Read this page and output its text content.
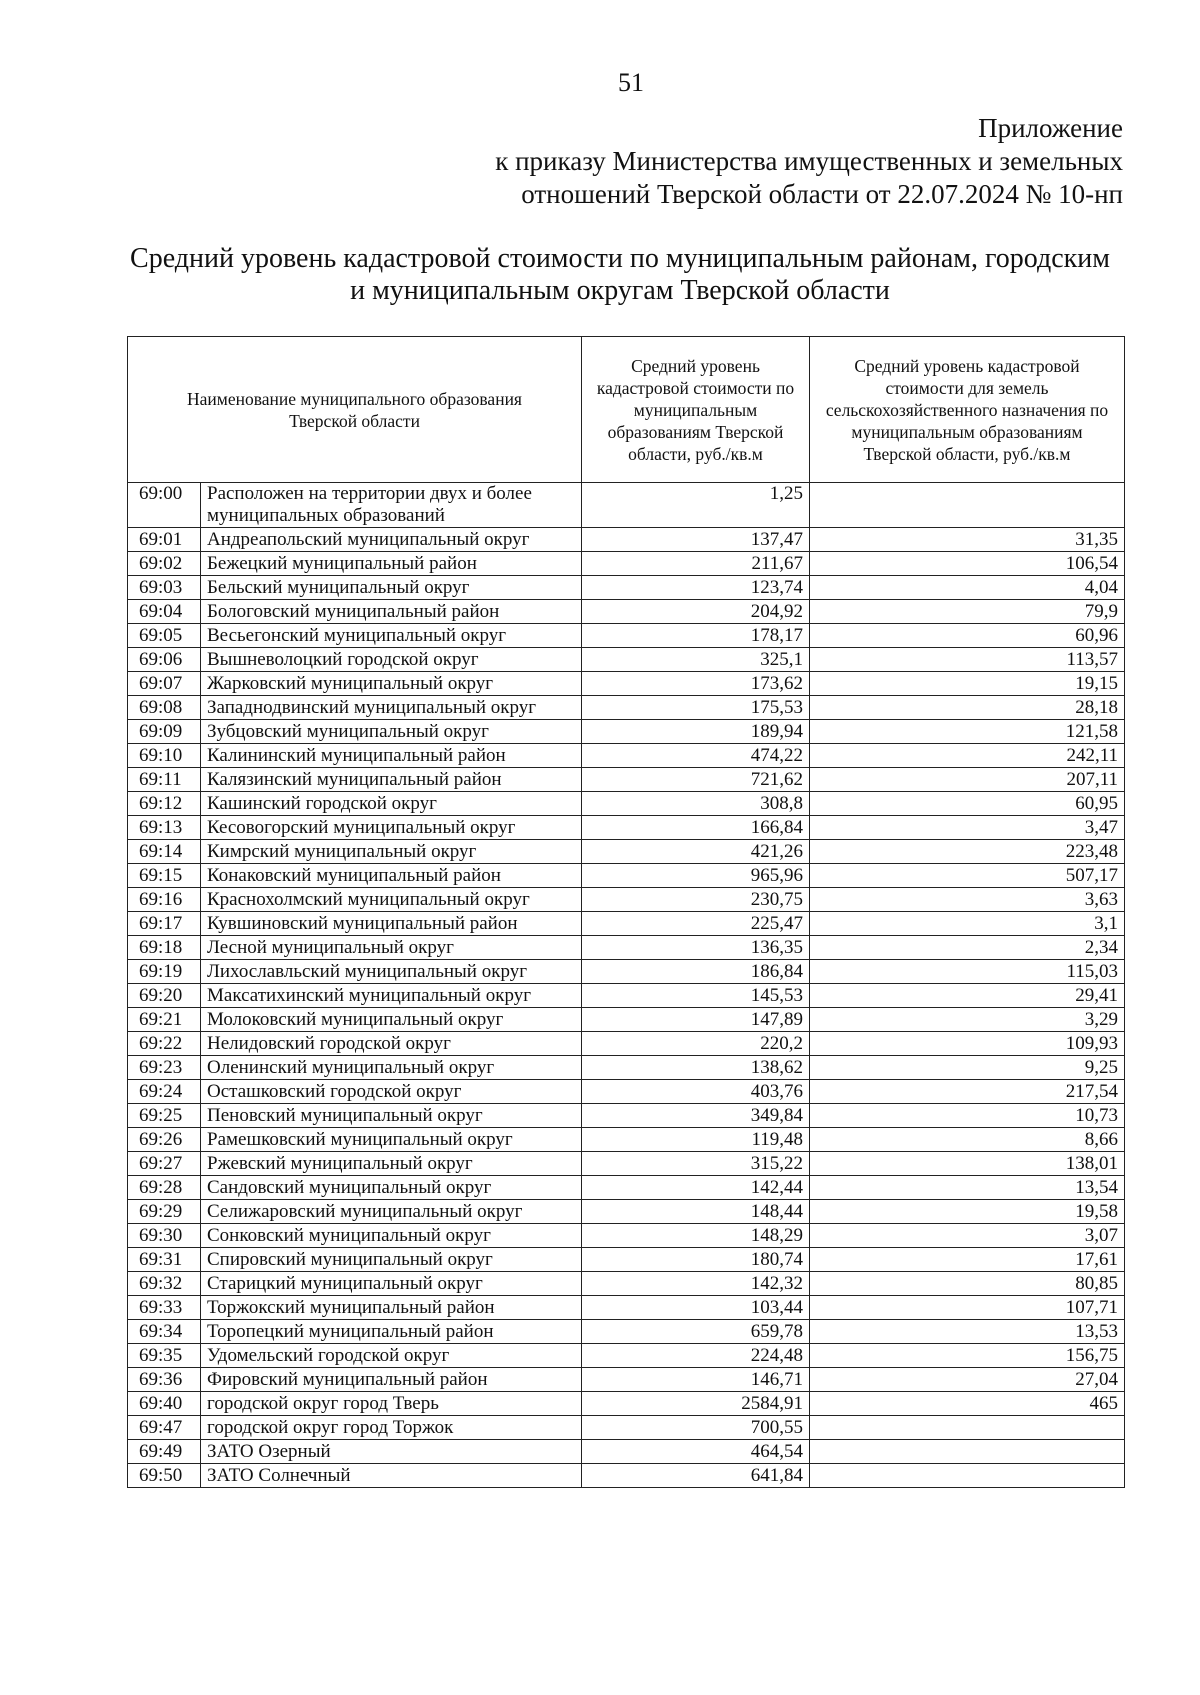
51
Приложение
к приказу Министерства имущественных и земельных
отношений Тверской области от 22.07.2024 № 10-нп
Средний уровень кадастровой стоимости по муниципальным районам, городским
и муниципальным округам Тверской области
Наименование муниципального образования Тверской области		Средний уровень кадастровой стоимости по муниципальным образованиям Тверской области, руб./кв.м	Средний уровень кадастровой стоимости для земель сельскохозяйственного назначения по муниципальным образованиям Тверской области, руб./кв.м
69:00	Расположен на территории двух и более муниципальных образований	1,25	
69:01	Андреапольский муниципальный округ	137,47	31,35
69:02	Бежецкий муниципальный район	211,67	106,54
69:03	Бельский муниципальный округ	123,74	4,04
69:04	Бологовский муниципальный район	204,92	79,9
69:05	Весьегонский муниципальный округ	178,17	60,96
69:06	Вышневолоцкий городской округ	325,1	113,57
69:07	Жарковский муниципальный округ	173,62	19,15
69:08	Западнодвинский муниципальный округ	175,53	28,18
69:09	Зубцовский муниципальный округ	189,94	121,58
69:10	Калининский муниципальный район	474,22	242,11
69:11	Калязинский муниципальный район	721,62	207,11
69:12	Кашинский городской округ	308,8	60,95
69:13	Кесовогорский муниципальный округ	166,84	3,47
69:14	Кимрский муниципальный округ	421,26	223,48
69:15	Конаковский муниципальный район	965,96	507,17
69:16	Краснохолмский муниципальный округ	230,75	3,63
69:17	Кувшиновский муниципальный район	225,47	3,1
69:18	Лесной муниципальный округ	136,35	2,34
69:19	Лихославльский муниципальный округ	186,84	115,03
69:20	Максатихинский муниципальный округ	145,53	29,41
69:21	Молоковский муниципальный округ	147,89	3,29
69:22	Нелидовский городской округ	220,2	109,93
69:23	Оленинский муниципальный округ	138,62	9,25
69:24	Осташковский городской округ	403,76	217,54
69:25	Пеновский муниципальный округ	349,84	10,73
69:26	Рамешковский муниципальный округ	119,48	8,66
69:27	Ржевский муниципальный округ	315,22	138,01
69:28	Сандовский муниципальный округ	142,44	13,54
69:29	Селижаровский муниципальный округ	148,44	19,58
69:30	Сонковский муниципальный округ	148,29	3,07
69:31	Спировский муниципальный округ	180,74	17,61
69:32	Старицкий муниципальный округ	142,32	80,85
69:33	Торжокский муниципальный район	103,44	107,71
69:34	Торопецкий муниципальный район	659,78	13,53
69:35	Удомельский городской округ	224,48	156,75
69:36	Фировский муниципальный район	146,71	27,04
69:40	городской округ город Тверь	2584,91	465
69:47	городской округ город Торжок	700,55	
69:49	ЗАТО Озерный	464,54	
69:50	ЗАТО Солнечный	641,84	
